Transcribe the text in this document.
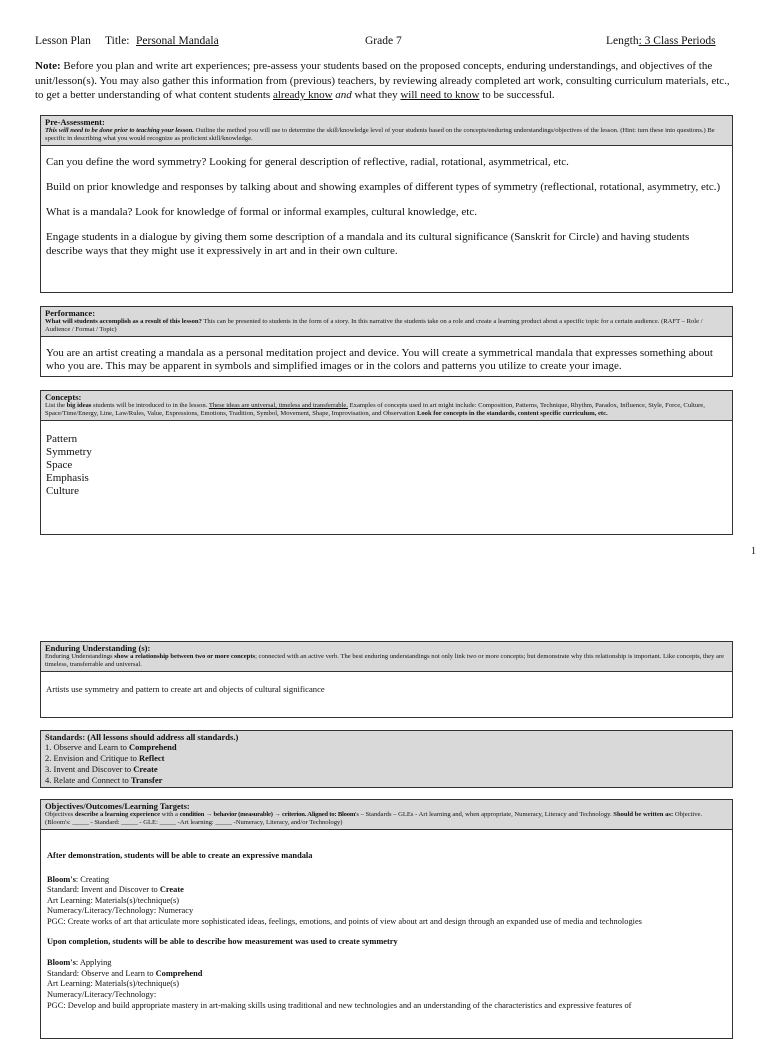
Lesson Plan Title: Personal Mandala	Grade 7	Length: 3 Class Periods
Note: Before you plan and write art experiences; pre-assess your students based on the proposed concepts, enduring understandings, and objectives of the unit/lesson(s). You may also gather this information from (previous) teachers, by reviewing already completed art work, consulting curriculum materials, etc., to get a better understanding of what content students already know and what they will need to know to be successful.
Pre-Assessment:
This will need to be done prior to teaching your lesson. Outline the method you will use to determine the skill/knowledge level of your students based on the concepts/enduring understandings/objectives of the lesson. (Hint: turn these into questions.) Be specific in describing what you would recognize as proficient skill/knowledge.

Can you define the word symmetry? Looking for general description of reflective, radial, rotational, asymmetrical, etc.

Build on prior knowledge and responses by talking about and showing examples of different types of symmetry (reflectional, rotational, asymmetry, etc.)

What is a mandala? Look for knowledge of formal or informal examples, cultural knowledge, etc.

Engage students in a dialogue by giving them some description of a mandala and its cultural significance (Sanskrit for Circle) and having students describe ways that they might use it expressively in art and in their own culture.

Performance:
What will students accomplish as a result of this lesson? This can be presented to students in the form of a story. In this narrative the students take on a role and create a learning product about a specific topic for a certain audience. (RAFT – Role / Audience / Format / Topic)
You are an artist creating a mandala as a personal meditation project and device. You will create a symmetrical mandala that expresses something about who you are. This may be apparent in symbols and simplified images or in the colors and patterns you utilize to create your image.
Concepts:
List the big ideas students will be introduced to in the lesson. These ideas are universal, timeless and transferrable. Examples of concepts used in art might include: Composition, Patterns, Technique, Rhythm, Paradox, Influence, Style, Force, Culture, Space/Time/Energy, Line, Law/Rules, Value, Expressions, Emotions, Tradition, Symbol, Movement, Shape, Improvisation, and Observation Look for concepts in the standards, content specific curriculum, etc.
Pattern
Symmetry
Space
Emphasis
Culture
1
Enduring Understanding (s):
Enduring Understandings show a relationship between two or more concepts; connected with an active verb. The best enduring understandings not only link two or more concepts; but demonstrate why this relationship is important. Like concepts, they are timeless, transferrable and universal.
Artists use symmetry and pattern to create art and objects of cultural significance
Standards: (All lessons should address all standards.)
1. Observe and Learn to Comprehend
2. Envision and Critique to Reflect
3. Invent and Discover to Create
4. Relate and Connect to Transfer
Objectives/Outcomes/Learning Targets:
Objectives describe a learning experience with a condition → behavior (measurable) → criterion. Aligned to: Bloom's – Standards – GLEs - Art learning and, when appropriate, Numeracy, Literacy and Technology. Should be written as: Objective. (Bloom's: _____ - Standard: _____ - GLE: _____ -Art learning: _____ -Numeracy, Literacy, and/or Technology)
After demonstration, students will be able to create an expressive mandala
Bloom's: Creating
Standard: Invent and Discover to Create
Art Learning: Materials(s)/technique(s)
Numeracy/Literacy/Technology: Numeracy
PGC: Create works of art that articulate more sophisticated ideas, feelings, emotions, and points of view about art and design through an expanded use of media and technologies
Upon completion, students will be able to describe how measurement was used to create symmetry
Bloom's: Applying
Standard: Observe and Learn to Comprehend
Art Learning: Materials(s)/technique(s)
Numeracy/Literacy/Technology:
PGC: Develop and build appropriate mastery in art-making skills using traditional and new technologies and an understanding of the characteristics and expressive features of
